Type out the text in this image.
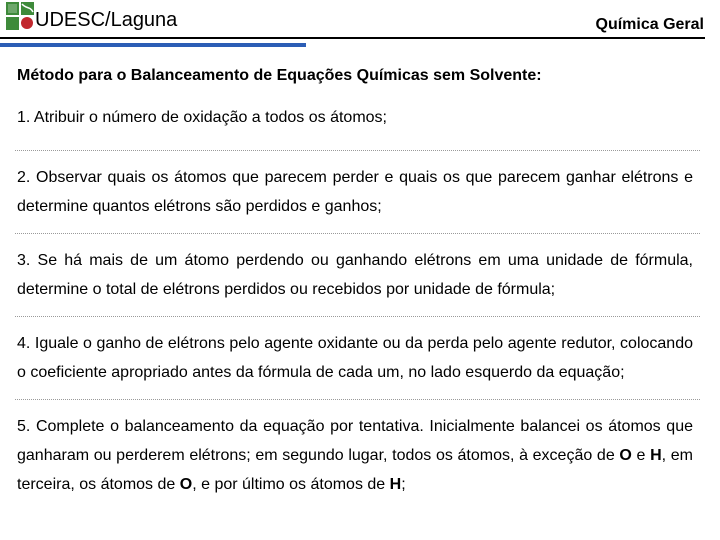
UDESC/Laguna	Química Geral
Método para o Balanceamento de Equações Químicas sem Solvente:
1. Atribuir o número de oxidação a todos os átomos;
2. Observar quais os átomos que parecem perder e quais os que parecem ganhar elétrons e determine quantos elétrons são perdidos e ganhos;
3. Se há mais de um átomo perdendo ou ganhando elétrons em uma unidade de fórmula, determine o total de elétrons perdidos ou recebidos por unidade de fórmula;
4. Iguale o ganho de elétrons pelo agente oxidante ou da perda pelo agente redutor, colocando o coeficiente apropriado antes da fórmula de cada um, no lado esquerdo da equação;
5. Complete o balanceamento da equação por tentativa. Inicialmente balancei os átomos que ganharam ou perderem elétrons; em segundo lugar, todos os átomos, à exceção de O e H, em terceira, os átomos de O, e por último os átomos de H;
